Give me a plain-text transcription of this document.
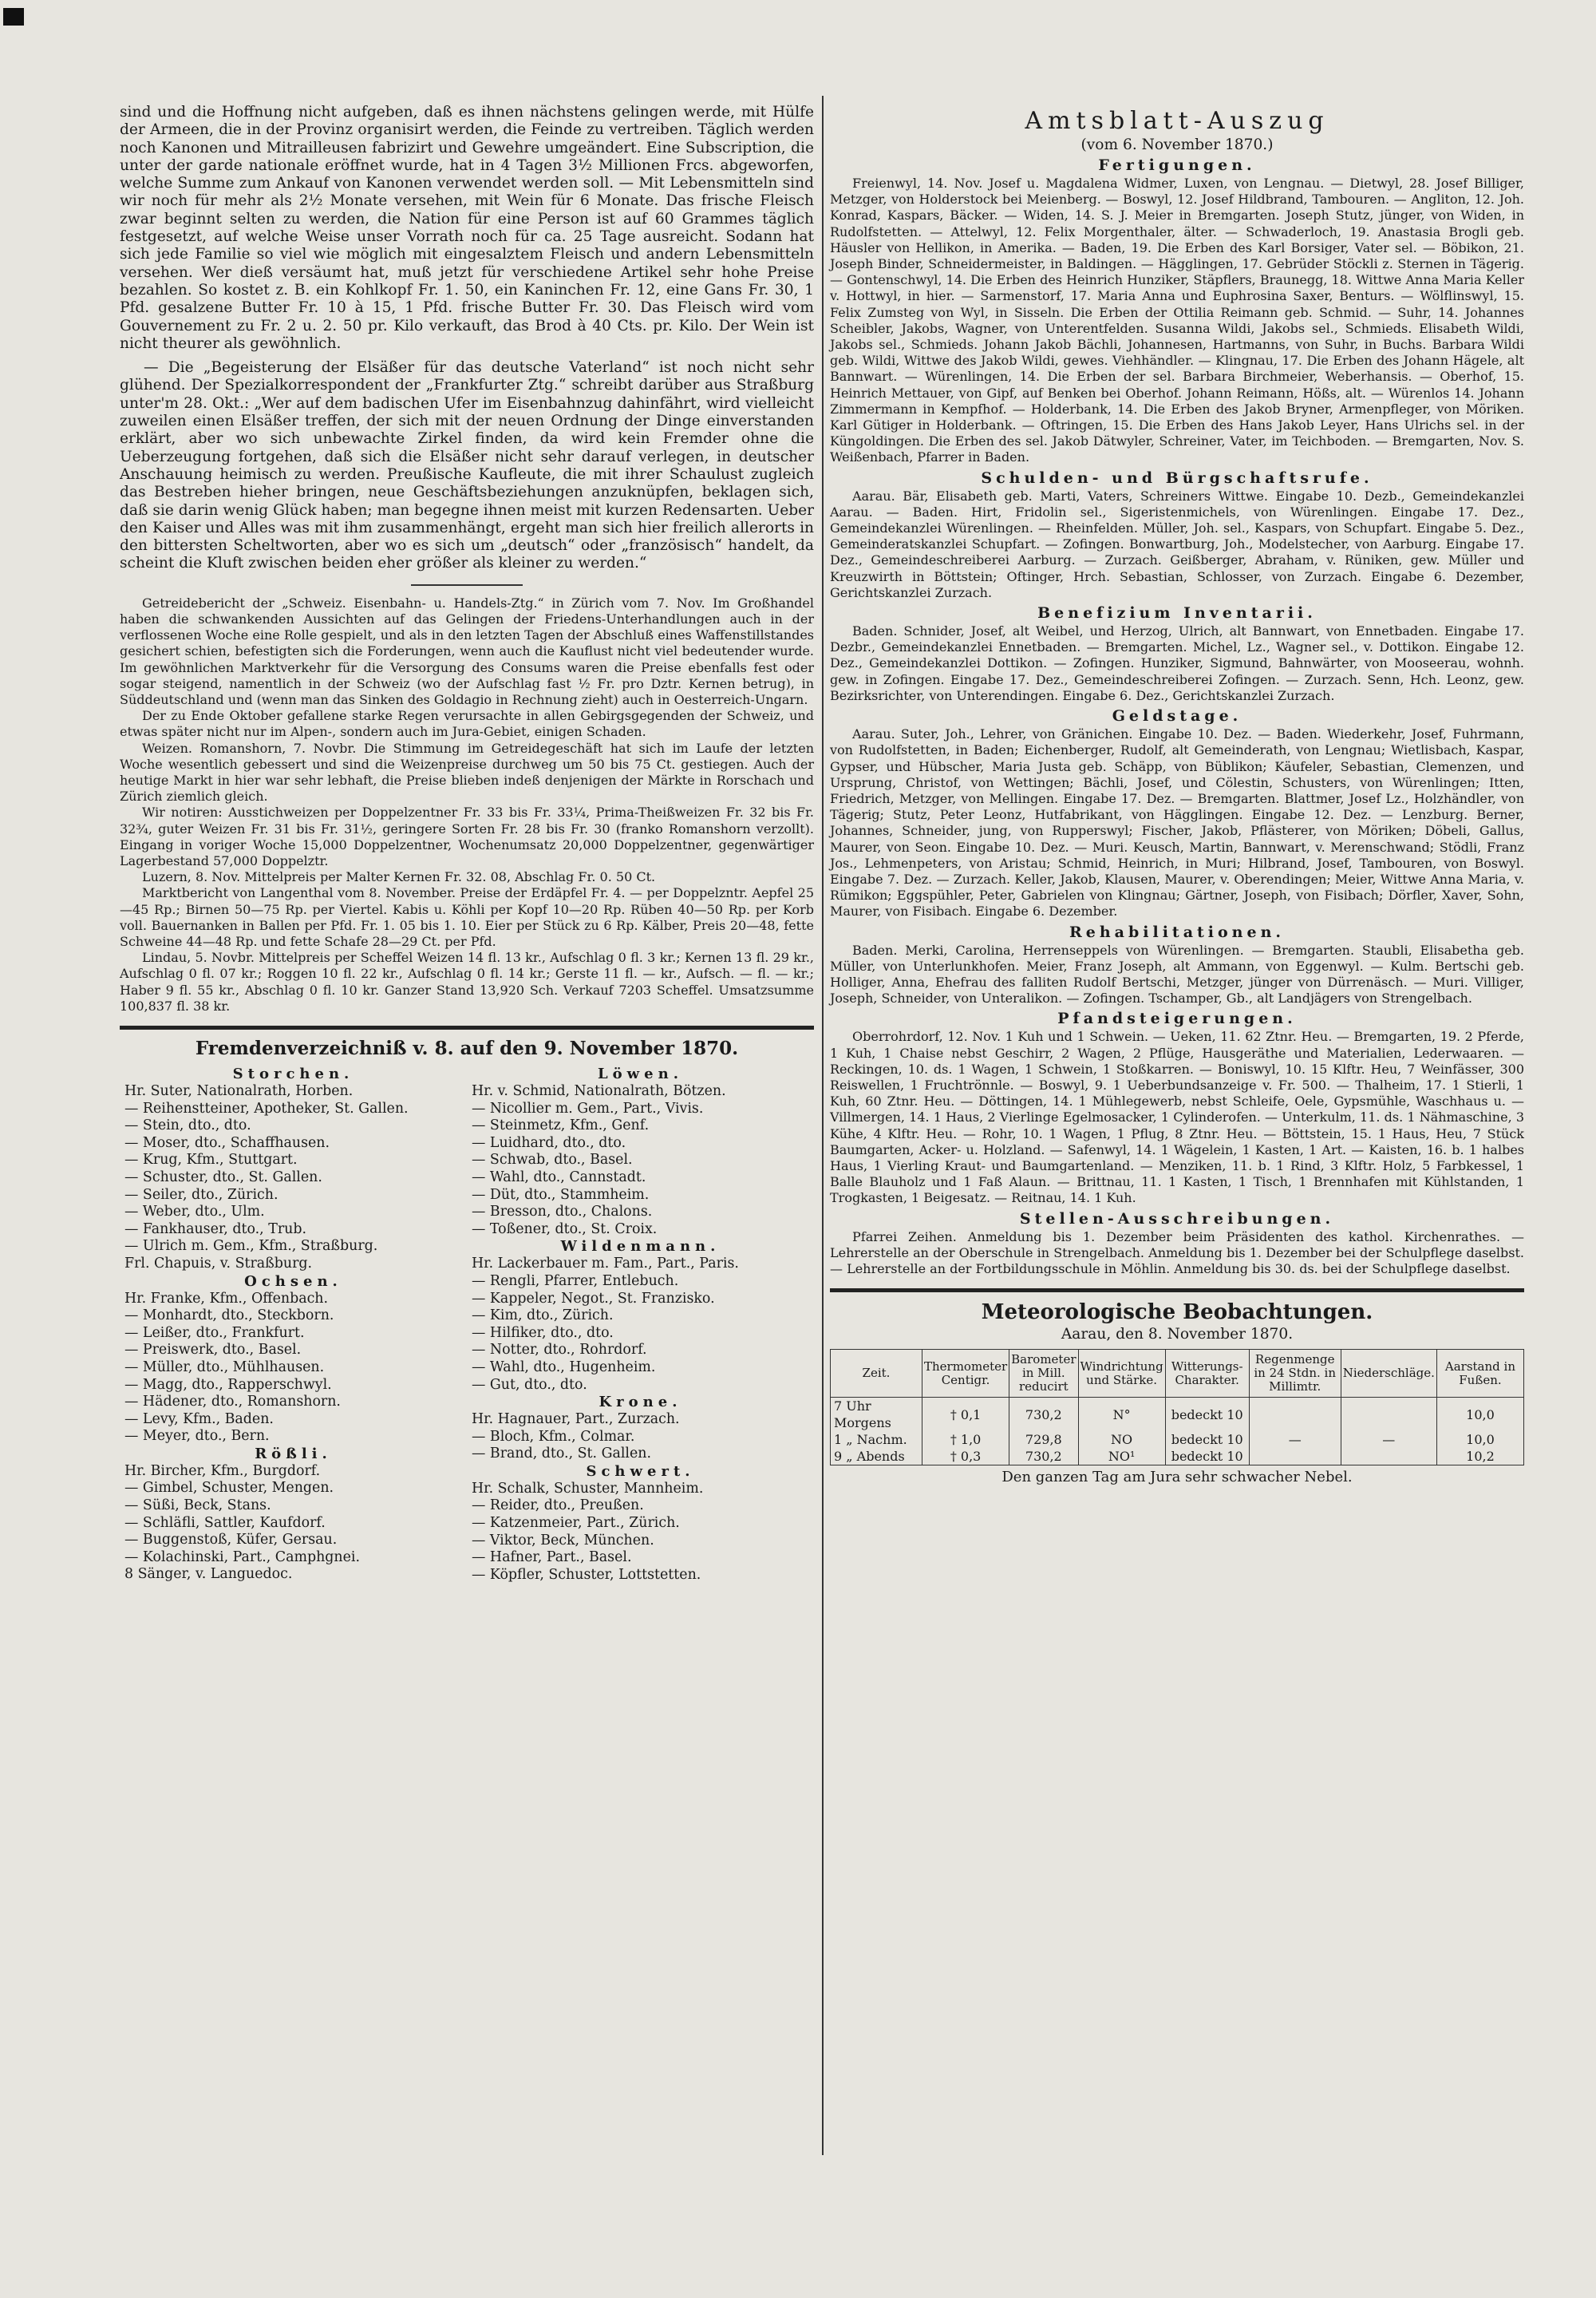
sind und die Hoffnung nicht aufgeben, daß es ihnen nächstens gelingen werde, mit Hülfe der Armeen, die in der Provinz organisirt werden, die Feinde zu vertreiben. Täglich werden noch Kanonen und Mitrailleusen fabrizirt und Gewehre umgeändert. Eine Subscription, die unter der garde nationale eröffnet wurde, hat in 4 Tagen 3½ Millionen Frcs. abgeworfen, welche Summe zum Ankauf von Kanonen verwendet werden soll. — Mit Lebensmitteln sind wir noch für mehr als 2½ Monate versehen, mit Wein für 6 Monate. Das frische Fleisch zwar beginnt selten zu werden, die Nation für eine Person ist auf 60 Grammes täglich festgesetzt, auf welche Weise unser Vorrath noch für ca. 25 Tage ausreicht. Sodann hat sich jede Familie so viel wie möglich mit eingesalztem Fleisch und andern Lebensmitteln versehen. Wer dieß versäumt hat, muß jetzt für verschiedene Artikel sehr hohe Preise bezahlen. So kostet z. B. ein Kohlkopf Fr. 1. 50, ein Kaninchen Fr. 12, eine Gans Fr. 30, 1 Pfd. gesalzene Butter Fr. 10 à 15, 1 Pfd. frische Butter Fr. 30. Das Fleisch wird vom Gouvernement zu Fr. 2 u. 2. 50 pr. Kilo verkauft, das Brod à 40 Cts. pr. Kilo. Der Wein ist nicht theurer als gewöhnlich.

— Die „Begeisterung der Elsäßer für das deutsche Vaterland“ ist noch nicht sehr glühend. Der Spezialkorrespondent der „Frankfurter Ztg.“ schreibt darüber aus Straßburg unter'm 28. Okt.: „Wer auf dem badischen Ufer im Eisenbahnzug dahinfährt, wird vielleicht zuweilen einen Elsäßer treffen, der sich mit der neuen Ordnung der Dinge einverstanden erklärt, aber wo sich unbewachte Zirkel finden, da wird kein Fremder ohne die Ueberzeugung fortgehen, daß sich die Elsäßer nicht sehr darauf verlegen, in deutscher Anschauung heimisch zu werden. Preußische Kaufleute, die mit ihrer Schaulust zugleich das Bestreben hieher bringen, neue Geschäftsbeziehungen anzuknüpfen, beklagen sich, daß sie darin wenig Glück haben; man begegne ihnen meist mit kurzen Redensarten. Ueber den Kaiser und Alles was mit ihm zusammenhängt, ergeht man sich hier freilich allerorts in den bittersten Scheltworten, aber wo es sich um „deutsch“ oder „französisch“ handelt, da scheint die Kluft zwischen beiden eher größer als kleiner zu werden.“

Getreidebericht der „Schweiz. Eisenbahn- u. Handels-Ztg.“ in Zürich vom 7. Nov. Im Großhandel haben die schwankenden Aussichten auf das Gelingen der Friedens-Unterhandlungen auch in der verflossenen Woche eine Rolle gespielt, und als in den letzten Tagen der Abschluß eines Waffenstillstandes gesichert schien, befestigten sich die Forderungen, wenn auch die Kauflust nicht viel bedeutender wurde. Im gewöhnlichen Marktverkehr für die Versorgung des Consums waren die Preise ebenfalls fest oder sogar steigend, namentlich in der Schweiz (wo der Aufschlag fast ½ Fr. pro Dztr. Kernen betrug), in Süddeutschland und (wenn man das Sinken des Goldagio in Rechnung zieht) auch in Oesterreich-Ungarn.

Der zu Ende Oktober gefallene starke Regen verursachte in allen Gebirgsgegenden der Schweiz, und etwas später nicht nur im Alpen-, sondern auch im Jura-Gebiet, einigen Schaden.

Weizen. Romanshorn, 7. Novbr. Die Stimmung im Getreidegeschäft hat sich im Laufe der letzten Woche wesentlich gebessert und sind die Weizenpreise durchweg um 50 bis 75 Ct. gestiegen. Auch der heutige Markt in hier war sehr lebhaft, die Preise blieben indeß denjenigen der Märkte in Rorschach und Zürich ziemlich gleich.

Wir notiren: Ausstichweizen per Doppelzentner Fr. 33 bis Fr. 33¼, Prima-Theißweizen Fr. 32 bis Fr. 32¾, guter Weizen Fr. 31 bis Fr. 31½, geringere Sorten Fr. 28 bis Fr. 30 (franko Romanshorn verzollt). Eingang in voriger Woche 15,000 Doppelzentner, Wochenumsatz 20,000 Doppelzentner, gegenwärtiger Lagerbestand 57,000 Doppelztr.

Luzern, 8. Nov. Mittelpreis per Malter Kernen Fr. 32. 08, Abschlag Fr. 0. 50 Ct.

Marktbericht von Langenthal vom 8. November. Preise der Erdäpfel Fr. 4. — per Doppelzntr. Aepfel 25—45 Rp.; Birnen 50—75 Rp. per Viertel. Kabis u. Köhli per Kopf 10—20 Rp. Rüben 40—50 Rp. per Korb voll. Bauernanken in Ballen per Pfd. Fr. 1. 05 bis 1. 10. Eier per Stück zu 6 Rp. Kälber, Preis 20—48, fette Schweine 44—48 Rp. und fette Schafe 28—29 Ct. per Pfd.

Lindau, 5. Novbr. Mittelpreis per Scheffel Weizen 14 fl. 13 kr., Aufschlag 0 fl. 3 kr.; Kernen 13 fl. 29 kr., Aufschlag 0 fl. 07 kr.; Roggen 10 fl. 22 kr., Aufschlag 0 fl. 14 kr.; Gerste 11 fl. — kr., Aufsch. — fl. — kr.; Haber 9 fl. 55 kr., Abschlag 0 fl. 10 kr. Ganzer Stand 13,920 Sch. Verkauf 7203 Scheffel. Umsatzsumme 100,837 fl. 38 kr.

Fremdenverzeichniß v. 8. auf den 9. November 1870.
Storchen.
Hr. Suter, Nationalrath, Horben.
— Reihenstteiner, Apotheker, St. Gallen.
— Stein, dto., dto.
— Moser, dto., Schaffhausen.
— Krug, Kfm., Stuttgart.
— Schuster, dto., St. Gallen.
— Seiler, dto., Zürich.
— Weber, dto., Ulm.
— Fankhauser, dto., Trub.
— Ulrich m. Gem., Kfm., Straßburg.
Frl. Chapuis, v. Straßburg.
Ochsen.
Hr. Franke, Kfm., Offenbach.
— Monhardt, dto., Steckborn.
— Leißer, dto., Frankfurt.
— Preiswerk, dto., Basel.
— Müller, dto., Mühlhausen.
— Magg, dto., Rapperschwyl.
— Hädener, dto., Romanshorn.
— Levy, Kfm., Baden.
— Meyer, dto., Bern.
Rößli.
Hr. Bircher, Kfm., Burgdorf.
— Gimbel, Schuster, Mengen.
— Süßi, Beck, Stans.
— Schläfli, Sattler, Kaufdorf.
— Buggenstoß, Küfer, Gersau.
— Kolachinski, Part., Camphgnei.
8 Sänger, v. Languedoc.
Löwen.
Hr. v. Schmid, Nationalrath, Bötzen.
— Nicollier m. Gem., Part., Vivis.
— Steinmetz, Kfm., Genf.
— Luidhard, dto., dto.
— Schwab, dto., Basel.
— Wahl, dto., Cannstadt.
— Düt, dto., Stammheim.
— Bresson, dto., Chalons.
— Toßener, dto., St. Croix.
Wildenmann.
Hr. Lackerbauer m. Fam., Part., Paris.
— Rengli, Pfarrer, Entlebuch.
— Kappeler, Negot., St. Franzisko.
— Kim, dto., Zürich.
— Hilfiker, dto., dto.
— Notter, dto., Rohrdorf.
— Wahl, dto., Hugenheim.
— Gut, dto., dto.
Krone.
Hr. Hagnauer, Part., Zurzach.
— Bloch, Kfm., Colmar.
— Brand, dto., St. Gallen.
Schwert.
Hr. Schalk, Schuster, Mannheim.
— Reider, dto., Preußen.
— Katzenmeier, Part., Zürich.
— Viktor, Beck, München.
— Hafner, Part., Basel.
— Köpfler, Schuster, Lottstetten.
Amtsblatt-Auszug
(vom 6. November 1870.)
Fertigungen.

Freienwyl, 14. Nov. Josef u. Magdalena Widmer, Luxen, von Lengnau. — Dietwyl, 28. Josef Billiger, Metzger, von Holderstock bei Meienberg. — Boswyl, 12. Josef Hildbrand, Tambouren. — Angliton, 12. Joh. Konrad, Kaspars, Bäcker. — Widen, 14. S. J. Meier in Bremgarten. Joseph Stutz, jünger, von Widen, in Rudolfstetten. — Attelwyl, 12. Felix Morgenthaler, älter. — Schwaderloch, 19. Anastasia Brogli geb. Häusler von Hellikon, in Amerika. — Baden, 19. Die Erben des Karl Borsiger, Vater sel. — Böbikon, 21. Joseph Binder, Schneidermeister, in Baldingen. — Hägglingen, 17. Gebrüder Stöckli z. Sternen in Tägerig. — Gontenschwyl, 14. Die Erben des Heinrich Hunziker, Stäpflers, Braunegg, 18. Wittwe Anna Maria Keller v. Hottwyl, in hier. — Sarmenstorf, 17. Maria Anna und Euphrosina Saxer, Benturs. — Wölflinswyl, 15. Felix Zumsteg von Wyl, in Sisseln. Die Erben der Ottilia Reimann geb. Schmid. — Suhr, 14. Johannes Scheibler, Jakobs, Wagner, von Unterentfelden. Susanna Wildi, Jakobs sel., Schmieds. Elisabeth Wildi, Jakobs sel., Schmieds. Johann Jakob Bächli, Johannesen, Hartmanns, von Suhr, in Buchs. Barbara Wildi geb. Wildi, Wittwe des Jakob Wildi, gewes. Viehhändler. — Klingnau, 17. Die Erben des Johann Hägele, alt Bannwart. — Würenlingen, 14. Die Erben der sel. Barbara Birchmeier, Weberhansis. — Oberhof, 15. Heinrich Mettauer, von Gipf, auf Benken bei Oberhof. Johann Reimann, Hößs, alt. — Würenlos 14. Johann Zimmermann in Kempfhof. — Holderbank, 14. Die Erben des Jakob Bryner, Armenpfleger, von Möriken. Karl Gütiger in Holderbank. — Oftringen, 15. Die Erben des Hans Jakob Leyer, Hans Ulrichs sel. in der Küngoldingen. Die Erben des sel. Jakob Dätwyler, Schreiner, Vater, im Teichboden. — Bremgarten, Nov. S. Weißenbach, Pfarrer in Baden.

Schulden- und Bürgschaftsrufe.

Aarau. Bär, Elisabeth geb. Marti, Vaters, Schreiners Wittwe. Eingabe 10. Dezb., Gemeindekanzlei Aarau. — Baden. Hirt, Fridolin sel., Sigeristenmichels, von Würenlingen. Eingabe 17. Dez., Gemeindekanzlei Würenlingen. — Rheinfelden. Müller, Joh. sel., Kaspars, von Schupfart. Eingabe 5. Dez., Gemeinderatskanzlei Schupfart. — Zofingen. Bonwartburg, Joh., Modelstecher, von Aarburg. Eingabe 17. Dez., Gemeindeschreiberei Aarburg. — Zurzach. Geißberger, Abraham, v. Rüniken, gew. Müller und Kreuzwirth in Böttstein; Oftinger, Hrch. Sebastian, Schlosser, von Zurzach. Eingabe 6. Dezember, Gerichtskanzlei Zurzach.

Benefizium Inventarii.

Baden. Schnider, Josef, alt Weibel, und Herzog, Ulrich, alt Bannwart, von Ennetbaden. Eingabe 17. Dezbr., Gemeindekanzlei Ennetbaden. — Bremgarten. Michel, Lz., Wagner sel., v. Dottikon. Eingabe 12. Dez., Gemeindekanzlei Dottikon. — Zofingen. Hunziker, Sigmund, Bahnwärter, von Mooseerau, wohnh. gew. in Zofingen. Eingabe 17. Dez., Gemeindeschreiberei Zofingen. — Zurzach. Senn, Hch. Leonz, gew. Bezirksrichter, von Unterendingen. Eingabe 6. Dez., Gerichtskanzlei Zurzach.

Geldstage.

Aarau. Suter, Joh., Lehrer, von Gränichen. Eingabe 10. Dez. — Baden. Wiederkehr, Josef, Fuhrmann, von Rudolfstetten, in Baden; Eichenberger, Rudolf, alt Gemeinderath, von Lengnau; Wietlisbach, Kaspar, Gypser, und Hübscher, Maria Justa geb. Schäpp, von Büblikon; Käufeler, Sebastian, Clemenzen, und Ursprung, Christof, von Wettingen; Bächli, Josef, und Cölestin, Schusters, von Würenlingen; Itten, Friedrich, Metzger, von Mellingen. Eingabe 17. Dez. — Bremgarten. Blattmer, Josef Lz., Holzhändler, von Tägerig; Stutz, Peter Leonz, Hutfabrikant, von Hägglingen. Eingabe 12. Dez. — Lenzburg. Berner, Johannes, Schneider, jung, von Rupperswyl; Fischer, Jakob, Pflästerer, von Möriken; Döbeli, Gallus, Maurer, von Seon. Eingabe 10. Dez. — Muri. Keusch, Martin, Bannwart, v. Merenschwand; Stödli, Franz Jos., Lehmenpeters, von Aristau; Schmid, Heinrich, in Muri; Hilbrand, Josef, Tambouren, von Boswyl. Eingabe 7. Dez. — Zurzach. Keller, Jakob, Klausen, Maurer, v. Oberendingen; Meier, Wittwe Anna Maria, v. Rümikon; Eggspühler, Peter, Gabrielen von Klingnau; Gärtner, Joseph, von Fisibach; Dörfler, Xaver, Sohn, Maurer, von Fisibach. Eingabe 6. Dezember.

Rehabilitationen.

Baden. Merki, Carolina, Herrenseppels von Würenlingen. — Bremgarten. Staubli, Elisabetha geb. Müller, von Unterlunkhofen. Meier, Franz Joseph, alt Ammann, von Eggenwyl. — Kulm. Bertschi geb. Holliger, Anna, Ehefrau des falliten Rudolf Bertschi, Metzger, jünger von Dürrenäsch. — Muri. Villiger, Joseph, Schneider, von Unteralikon. — Zofingen. Tschamper, Gb., alt Landjägers von Strengelbach.

Pfandsteigerungen.

Oberrohrdorf, 12. Nov. 1 Kuh und 1 Schwein. — Ueken, 11. 62 Ztnr. Heu. — Bremgarten, 19. 2 Pferde, 1 Kuh, 1 Chaise nebst Geschirr, 2 Wagen, 2 Pflüge, Hausgeräthe und Materialien, Lederwaaren. — Reckingen, 10. ds. 1 Wagen, 1 Schwein, 1 Stoßkarren. — Boniswyl, 10. 15 Klftr. Heu, 7 Weinfässer, 300 Reiswellen, 1 Fruchtrönnle. — Boswyl, 9. 1 Ueberbundsanzeige v. Fr. 500. — Thalheim, 17. 1 Stierli, 1 Kuh, 60 Ztnr. Heu. — Döttingen, 14. 1 Mühlegewerb, nebst Schleife, Oele, Gypsmühle, Waschhaus u. — Villmergen, 14. 1 Haus, 2 Vierlinge Egelmosacker, 1 Cylinderofen. — Unterkulm, 11. ds. 1 Nähmaschine, 3 Kühe, 4 Klftr. Heu. — Rohr, 10. 1 Wagen, 1 Pflug, 8 Ztnr. Heu. — Böttstein, 15. 1 Haus, Heu, 7 Stück Baumgarten, Acker- u. Holzland. — Safenwyl, 14. 1 Wägelein, 1 Kasten, 1 Art. — Kaisten, 16. b. 1 halbes Haus, 1 Vierling Kraut- und Baumgartenland. — Menziken, 11. b. 1 Rind, 3 Klftr. Holz, 5 Farbkessel, 1 Balle Blauholz und 1 Faß Alaun. — Brittnau, 11. 1 Kasten, 1 Tisch, 1 Brennhafen mit Kühlstanden, 1 Trogkasten, 1 Beigesatz. — Reitnau, 14. 1 Kuh.

Stellen-Ausschreibungen.

Pfarrei Zeihen. Anmeldung bis 1. Dezember beim Präsidenten des kathol. Kirchenrathes. — Lehrerstelle an der Oberschule in Strengelbach. Anmeldung bis 1. Dezember bei der Schulpflege daselbst. — Lehrerstelle an der Fortbildungsschule in Möhlin. Anmeldung bis 30. ds. bei der Schulpflege daselbst.

Meteorologische Beobachtungen.
Aarau, den 8. November 1870.
Zeit.	Thermometer Centigr.	Barometer in Mill. reducirt	Windrichtung und Stärke.	Witterungs-Charakter.	Regenmenge in 24 Stdn. in Millimtr.	Niederschläge.	Aarstand in Fußen.
7 Uhr Morgens	† 0,1	730,2	N°	bedeckt 10			10,0
1 „ Nachm.	† 1,0	729,8	NO	bedeckt 10	—	—	10,0
9 „ Abends	† 0,3	730,2	NO¹	bedeckt 10			10,2
Den ganzen Tag am Jura sehr schwacher Nebel.
